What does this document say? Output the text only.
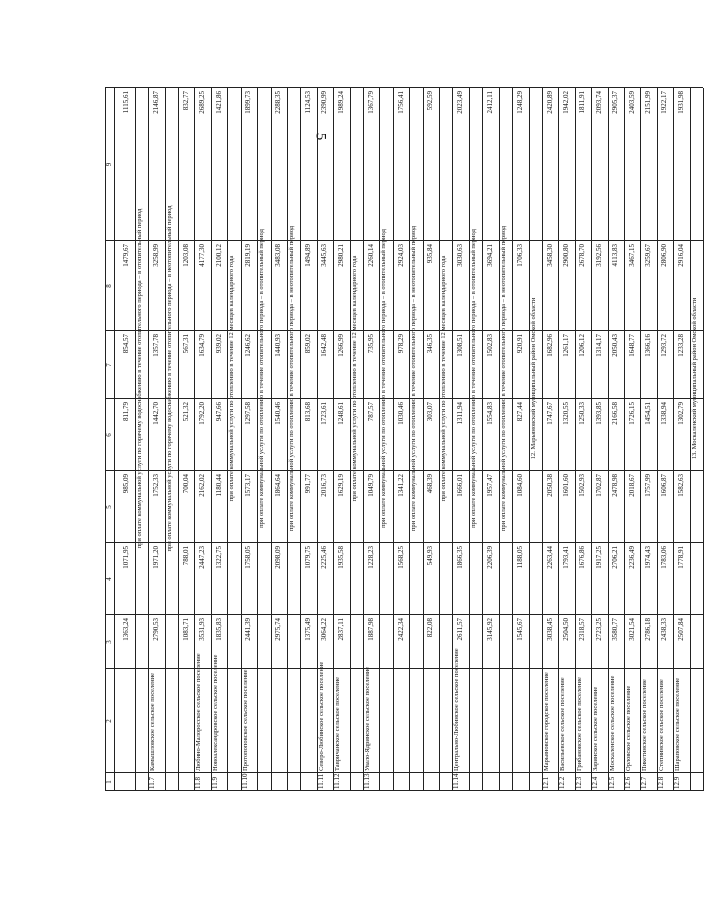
5
1
2
3
4
5
6
7
8
9
1363,24
1071,95
985,09
811,79
854,57
1479,67
1115,61
при оплате коммунальной услуги по горячему водоснабжению в течение отопительного периода – в отопительный период
11.7
Камышловское сельское поселение
2790,53
1971,20
1752,33
1442,70
1357,78
3258,99
2146,87
при оплате коммунальной услуги по горячему водоснабжению в течение отопительного периода – в неотопительный период
1083,71
788,01
700,04
521,32
567,31
1203,08
832,77
11.8
Любино-Малоросское сельское поселение
3531,93
2447,23
2162,02
1792,20
1634,79
4177,30
2689,25
11.9
Новоалександровское сельское поселение
1835,83
1322,75
1180,44
947,66
939,02
2100,12
1421,86
при оплате коммунальной услуги по отоплению в течение 12 месяцев календарного года
11.10
Протопоповское сельское поселение
2441,39
1758,05
1573,17
1297,58
1246,62
2819,19
1899,73
при оплате коммунальной услуги по отоплению в течение отопительного периода – в отопительный период
2975,74
2098,09
1864,64
1540,46
1440,93
3483,08
2288,35
при оплате коммунальной услуги по отоплению в течение отопительного периода – в неотопительный период
1375,49
1079,75
991,77
813,68
859,02
1494,89
1124,53
11.11
Северо-Любинское сельское поселение
3064,22
2225,46
2016,73
1723,61
1642,48
3445,63
2390,99
11.12
Тавричанское сельское поселение
2837,11
1935,58
1629,19
1248,61
1266,99
2980,21
1989,24
при оплате коммунальной услуги по отоплению в течение 12 месяцев календарного года
11.13
Увало-Ядринское сельское поселение
1887,98
1228,23
1049,79
787,57
735,95
2260,14
1367,79
при оплате коммунальной услуги по отоплению в течение отопительного периода – в отопительный период
2422,34
1568,25
1341,22
1030,46
978,29
2924,03
1756,41
при оплате коммунальной услуги по отоплению в течение отопительного периода – в неотопительный период
822,08
549,93
468,39
303,07
346,35
935,84
592,59
при оплате коммунальной услуги по отоплению в течение 12 месяцев календарного года
11.14
Центрально-Любинское сельское поселение
2611,57
1866,35
1666,01
1311,94
1308,51
3030,63
2023,49
при оплате коммунальной услуги по отоплению в течение отопительного периода – в отопительный период
3145,92
2206,39
1957,47
1554,83
1502,83
3694,21
2412,11
при оплате коммунальной услуги по отоплению в течение отопительного периода – в неотопительный период
1545,67
1188,05
1084,60
827,44
920,91
1706,33
1248,29
12. Марьяновский муниципальный район Омской области
12.1
Марьяновское городское поселение
3038,45
2263,44
2050,38
1747,67
1682,96
3458,30
2420,89
12.2
Васильевское сельское поселение
2504,50
1793,41
1601,60
1320,55
1261,17
2900,80
1942,02
12.3
Грибановское сельское поселение
2318,57
1676,86
1502,93
1250,33
1206,12
2678,70
1811,91
12.4
Заринское сельское поселение
2723,25
1917,25
1702,87
1393,85
1314,17
3192,56
2093,74
12.5
Москаленское сельское поселение
3580,77
2706,21
2478,98
2166,58
2050,43
4113,83
2905,37
12.6
Орловское сельское поселение
3021,54
2236,49
2018,67
1726,15
1648,77
3467,15
2403,59
12.7
Пикетинское сельское поселение
2786,18
1974,43
1757,99
1454,51
1366,16
3259,67
2151,99
12.8
Степнинское сельское поселение
2438,33
1783,06
1606,87
1338,94
1293,72
2806,90
1922,17
12.9
Шараповское сельское поселение
2507,84
1778,91
1582,63
1302,79
1233,28
2916,04
1931,98
13. Москаленский муниципальный район Омской области
